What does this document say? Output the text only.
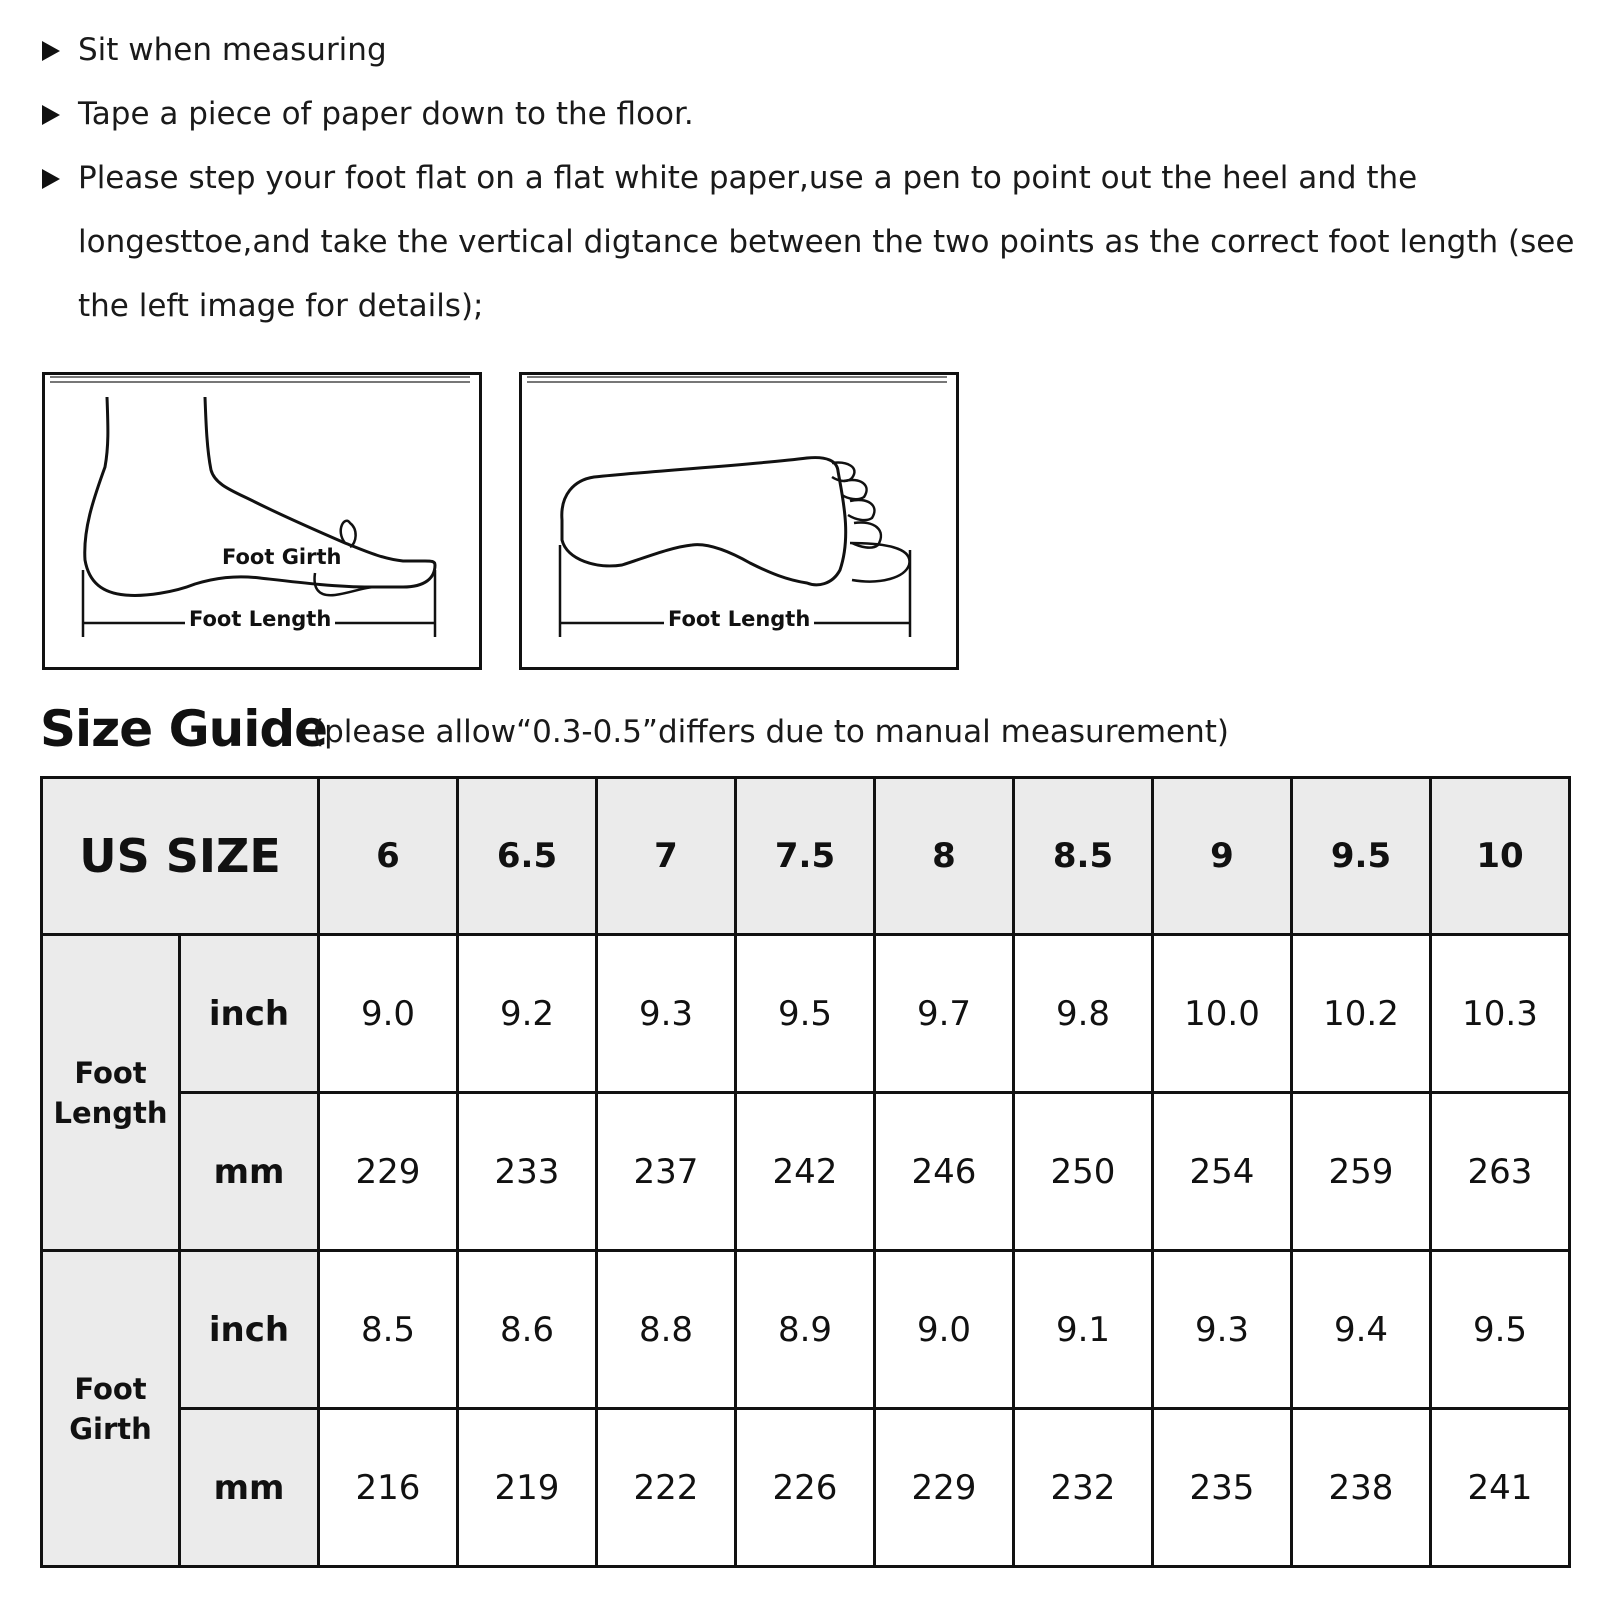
Sit when measuring
Tape a piece of paper down to the floor.
Please step your foot flat on a flat white paper,use a pen to point out the heel and the longesttoe,and take the vertical digtance between the two points as the correct foot length (see the left image for details);
Foot Girth
Foot Length	Foot Length
Size Guide
(please allow“0.3-0.5”differs due to manual measurement)
US SIZE		6	6.5	7	7.5	8	8.5	9	9.5	10
Foot Length	inch	9.0	9.2	9.3	9.5	9.7	9.8	10.0	10.2	10.3
	mm	229	233	237	242	246	250	254	259	263
Foot Girth	inch	8.5	8.6	8.8	8.9	9.0	9.1	9.3	9.4	9.5
	mm	216	219	222	226	229	232	235	238	241
